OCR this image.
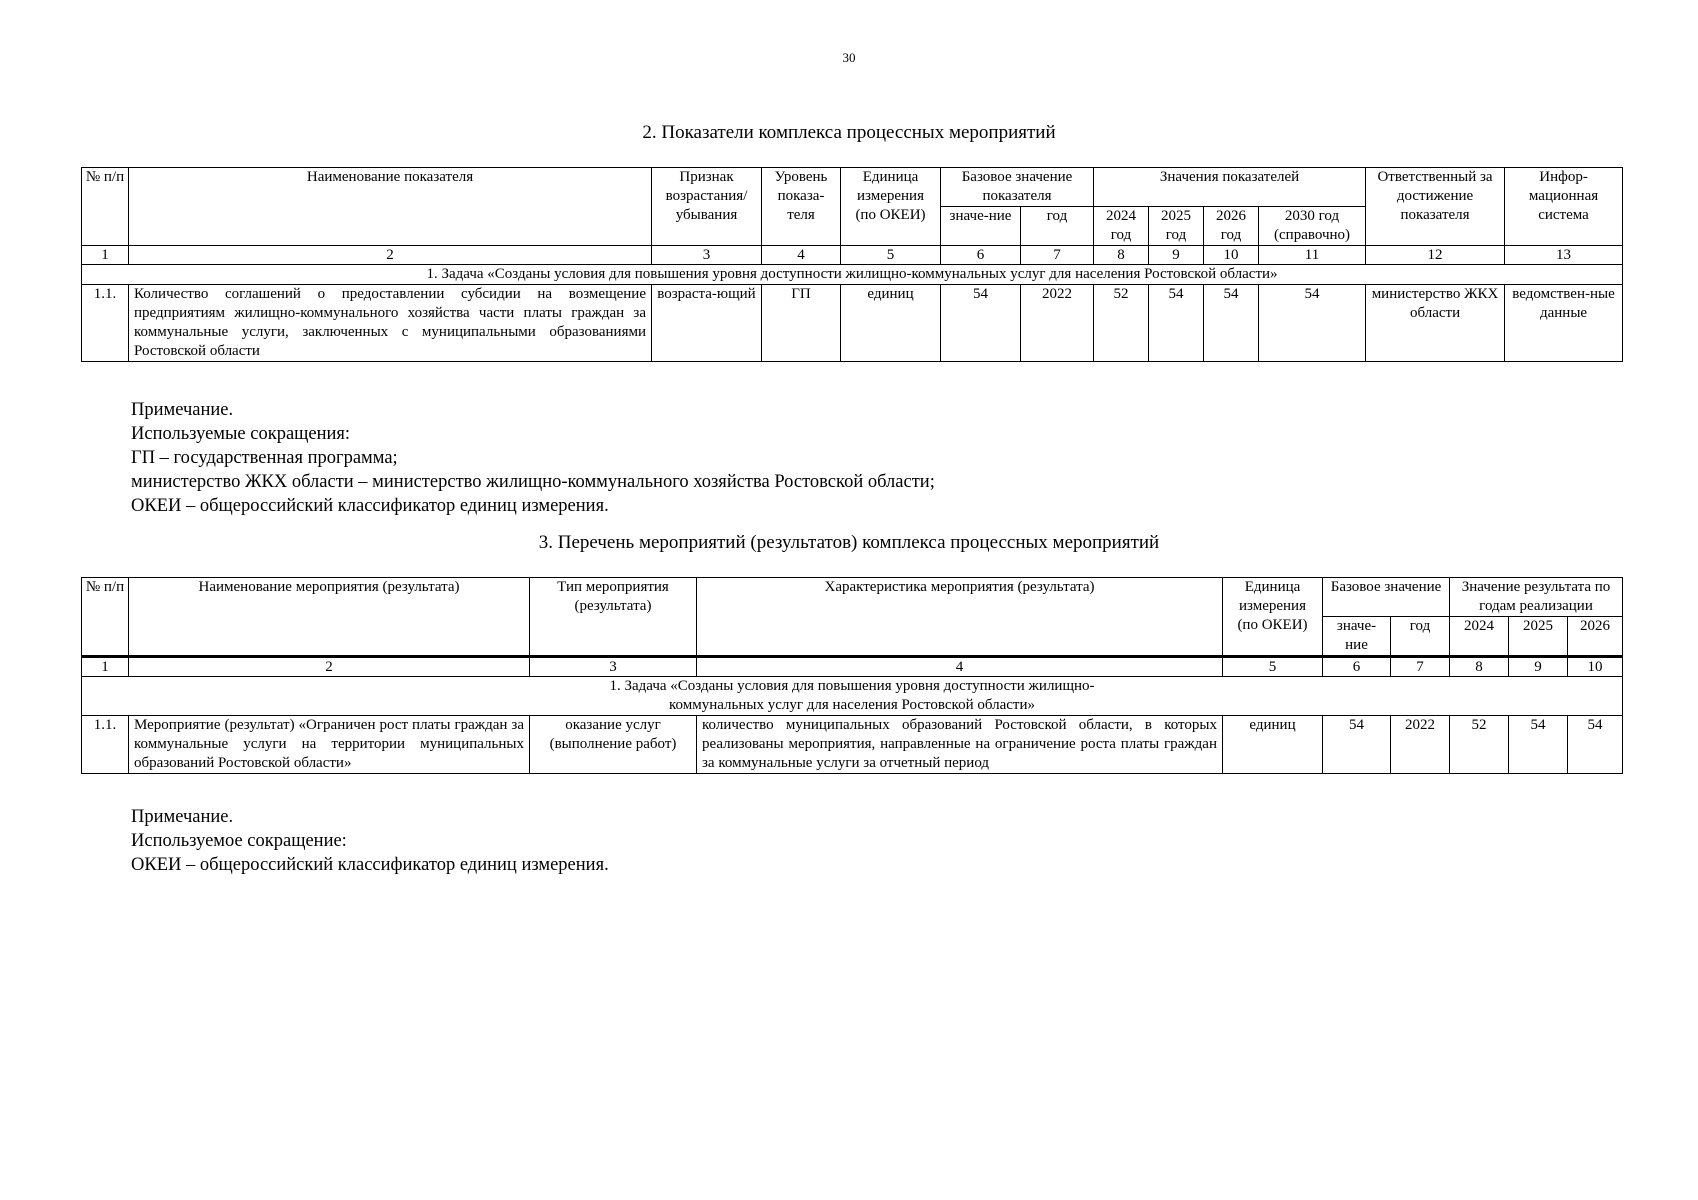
30
2. Показатели комплекса процессных мероприятий
№ п/п	Наименование показателя	Признак возрастания/ убывания	Уровень показа-теля	Единица измерения (по ОКЕИ)	Базовое значение показателя		Значения показателей				Ответственный за достижение показателя	Инфор-мационная система
					значе-ние	год	2024 год	2025 год	2026 год	2030 год (справочно)		
1	2	3	4	5	6	7	8	9	10	11	12	13
1. Задача «Созданы условия для повышения уровня доступности жилищно-коммунальных услуг для населения Ростовской области»												
1.1.	Количество соглашений о предоставлении субсидии на возмещение предприятиям жилищно-коммунального хозяйства части платы граждан за коммунальные услуги, заключенных с муниципальными образованиями Ростовской области	возраста-ющий	ГП	единиц	54	2022	52	54	54	54	министерство ЖКХ области	ведомствен-ные данные
Примечание.
Используемые сокращения:
ГП – государственная программа;
министерство ЖКХ области – министерство жилищно-коммунального хозяйства Ростовской области;
ОКЕИ – общероссийский классификатор единиц измерения.
3. Перечень мероприятий (результатов) комплекса процессных мероприятий
№ п/п	Наименование мероприятия (результата)	Тип мероприятия (результата)	Характеристика мероприятия (результата)	Единица измерения (по ОКЕИ)	Базовое значение		Значение результата по годам реализации		
					значе-ние	год	2024	2025	2026
1	2	3	4	5	6	7	8	9	10
1. Задача «Созданы условия для повышения уровня доступности жилищно-коммунальных услуг для населения Ростовской области»									
1.1.	Мероприятие (результат) «Ограничен рост платы граждан за коммунальные услуги на территории муниципальных образований Ростовской области»	оказание услуг (выполнение работ)	количество муниципальных образований Ростовской области, в которых реализованы мероприятия, направленные на ограничение роста платы граждан за коммунальные услуги за отчетный период	единиц	54	2022	52	54	54
Примечание.
Используемое сокращение:
ОКЕИ – общероссийский классификатор единиц измерения.
